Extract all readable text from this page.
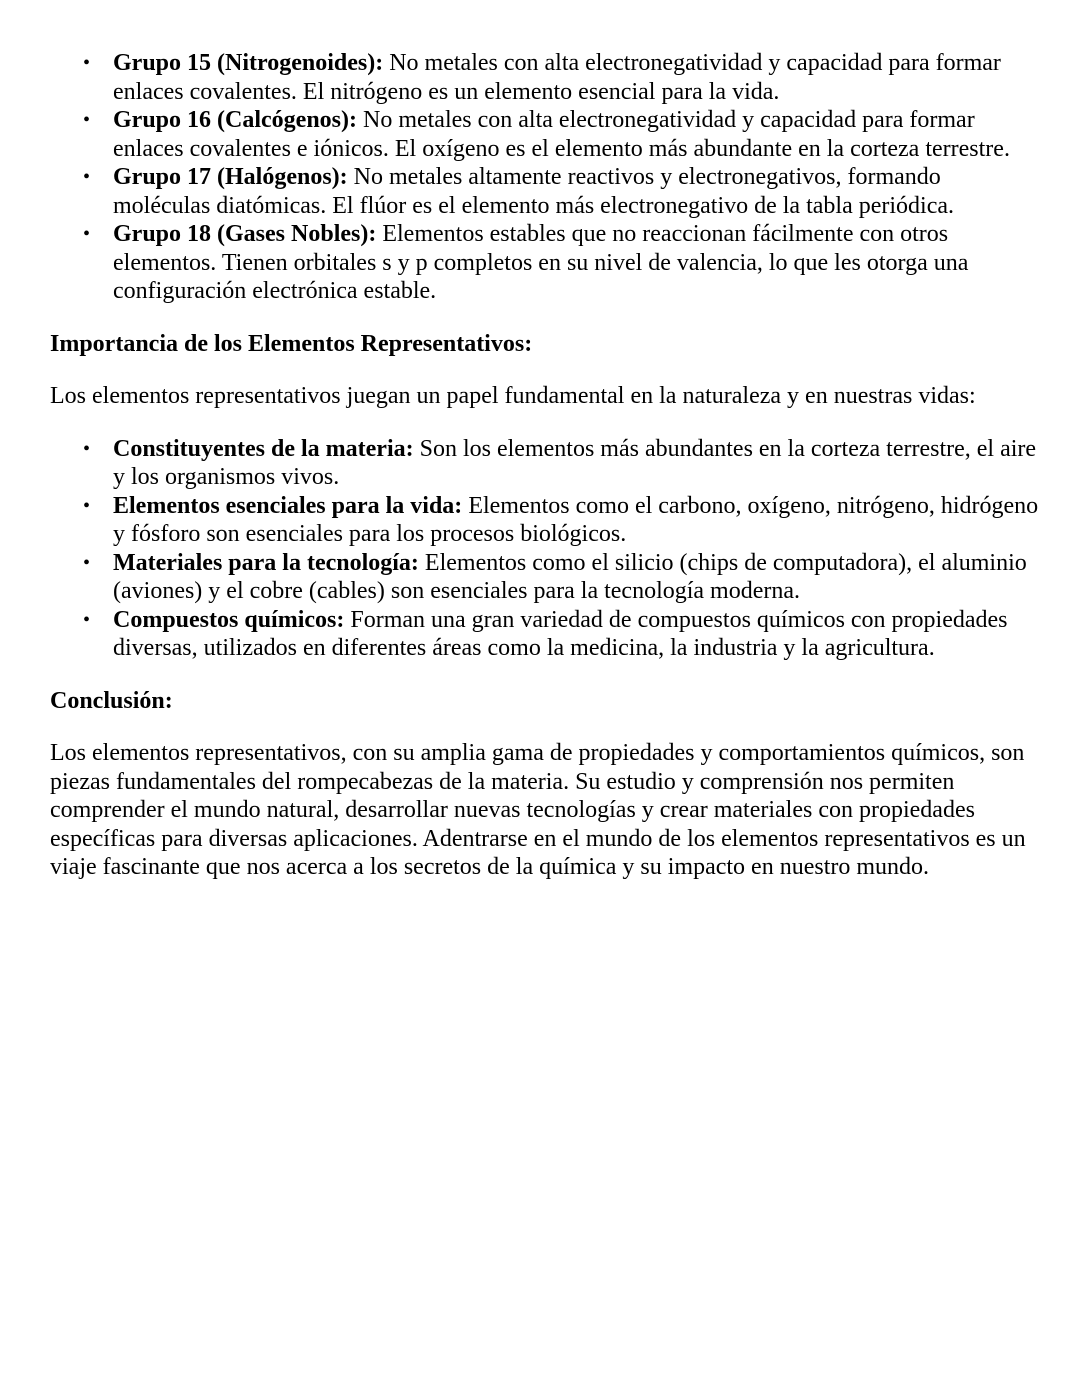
• Grupo 15 (Nitrogenoides): No metales con alta electronegatividad y capacidad para formar enlaces covalentes. El nitrógeno es un elemento esencial para la vida.
• Grupo 16 (Calcógenos): No metales con alta electronegatividad y capacidad para formar enlaces covalentes e iónicos. El oxígeno es el elemento más abundante en la corteza terrestre.
• Grupo 17 (Halógenos): No metales altamente reactivos y electronegativos, formando moléculas diatómicas. El flúor es el elemento más electronegativo de la tabla periódica.
• Grupo 18 (Gases Nobles): Elementos estables que no reaccionan fácilmente con otros elementos. Tienen orbitales s y p completos en su nivel de valencia, lo que les otorga una configuración electrónica estable.
Importancia de los Elementos Representativos:

Los elementos representativos juegan un papel fundamental en la naturaleza y en nuestras vidas:

• Constituyentes de la materia: Son los elementos más abundantes en la corteza terrestre, el aire y los organismos vivos.
• Elementos esenciales para la vida: Elementos como el carbono, oxígeno, nitrógeno, hidrógeno y fósforo son esenciales para los procesos biológicos.
• Materiales para la tecnología: Elementos como el silicio (chips de computadora), el aluminio (aviones) y el cobre (cables) son esenciales para la tecnología moderna.
• Compuestos químicos: Forman una gran variedad de compuestos químicos con propiedades diversas, utilizados en diferentes áreas como la medicina, la industria y la agricultura.
Conclusión:

Los elementos representativos, con su amplia gama de propiedades y comportamientos químicos, son piezas fundamentales del rompecabezas de la materia. Su estudio y comprensión nos permiten comprender el mundo natural, desarrollar nuevas tecnologías y crear materiales con propiedades específicas para diversas aplicaciones. Adentrarse en el mundo de los elementos representativos es un viaje fascinante que nos acerca a los secretos de la química y su impacto en nuestro mundo.
